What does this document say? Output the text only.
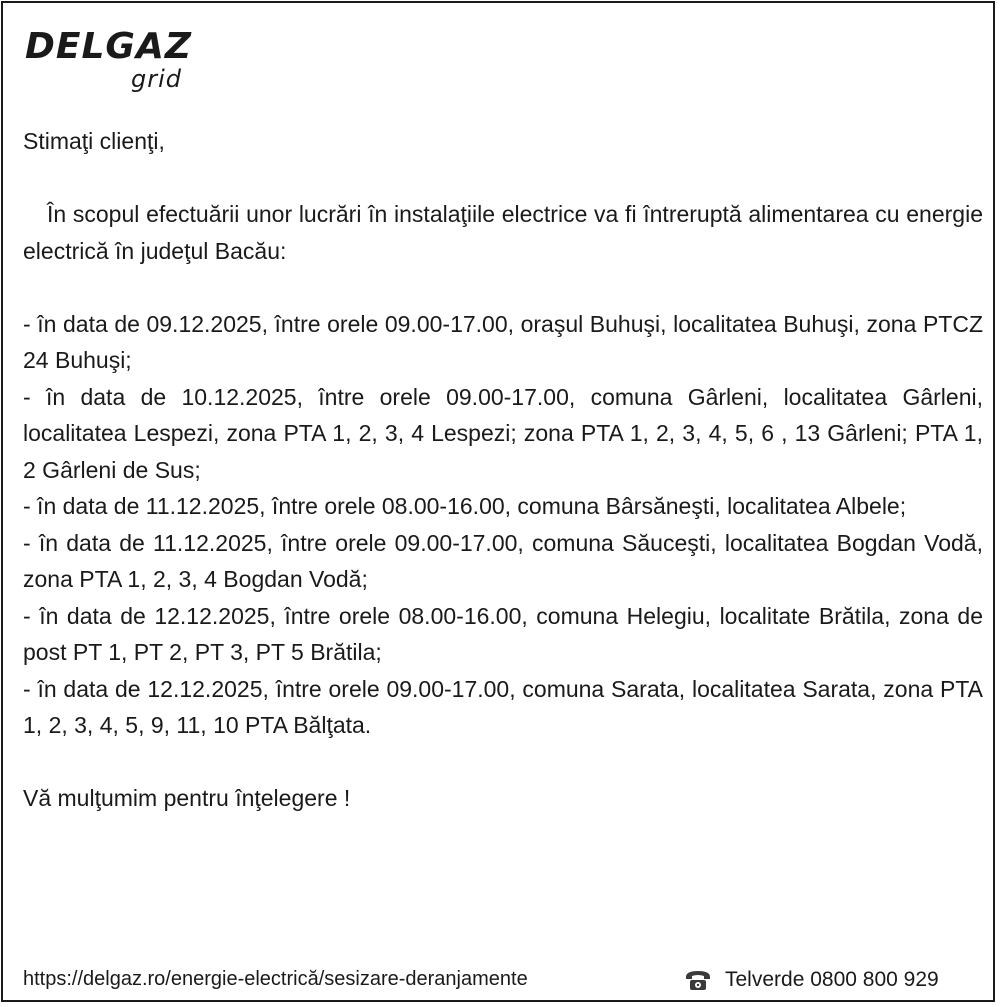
DELGAZ
grid

Stimaţi clienţi,

În scopul efectuării unor lucrări în instalaţiile electrice va fi întreruptă alimentarea cu energie electrică în judeţul Bacău:

- în data de 09.12.2025, între orele 09.00-17.00, oraşul Buhuşi, localitatea Buhuşi, zona PTCZ 24 Buhuşi;

- în data de 10.12.2025, între orele 09.00-17.00, comuna Gârleni, localitatea Gârleni, localitatea Lespezi, zona PTA 1, 2, 3, 4 Lespezi; zona PTA 1, 2, 3, 4, 5, 6 , 13 Gârleni; PTA 1, 2 Gârleni de Sus;

- în data de 11.12.2025, între orele 08.00-16.00, comuna Bârsăneşti, localitatea Albele;

- în data de 11.12.2025, între orele 09.00-17.00, comuna Săuceşti, localitatea Bogdan Vodă, zona PTA 1, 2, 3, 4 Bogdan Vodă;

- în data de 12.12.2025, între orele 08.00-16.00, comuna Helegiu, localitate Brătila, zona de post PT 1, PT 2, PT 3, PT 5 Brătila;

- în data de 12.12.2025, între orele 09.00-17.00, comuna Sarata, localitatea Sarata, zona PTA 1, 2, 3, 4, 5, 9, 11, 10 PTA Bălţata.

Vă mulţumim pentru înţelegere !

https://delgaz.ro/energie-electrică/sesizare-deranjamente	Telverde 0800 800 929
